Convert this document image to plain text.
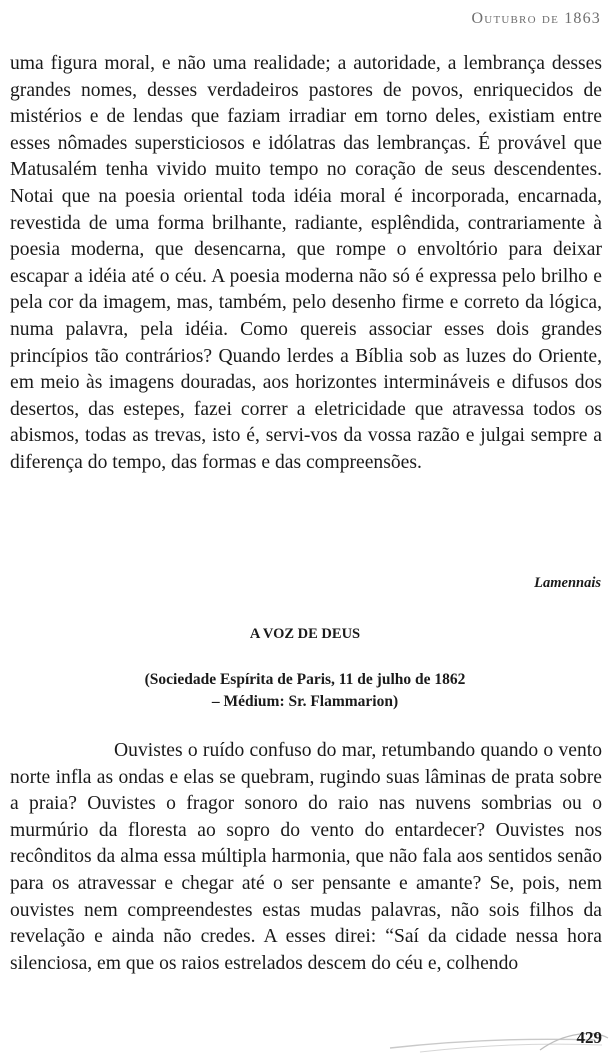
Outubro de 1863
uma figura moral, e não uma realidade; a autoridade, a lembrança desses grandes nomes, desses verdadeiros pastores de povos, enriquecidos de mistérios e de lendas que faziam irradiar em torno deles, existiam entre esses nômades supersticiosos e idólatras das lembranças. É provável que Matusalém tenha vivido muito tempo no coração de seus descendentes. Notai que na poesia oriental toda idéia moral é incorporada, encarnada, revestida de uma forma brilhante, radiante, esplêndida, contrariamente à poesia moderna, que desencarna, que rompe o envoltório para deixar escapar a idéia até o céu. A poesia moderna não só é expressa pelo brilho e pela cor da imagem, mas, também, pelo desenho firme e correto da lógica, numa palavra, pela idéia. Como quereis associar esses dois grandes princípios tão contrários? Quando lerdes a Bíblia sob as luzes do Oriente, em meio às imagens douradas, aos horizontes intermináveis e difusos dos desertos, das estepes, fazei correr a eletricidade que atravessa todos os abismos, todas as trevas, isto é, servi-vos da vossa razão e julgai sempre a diferença do tempo, das formas e das compreensões.
Lamennais
A VOZ DE DEUS
(Sociedade Espírita de Paris, 11 de julho de 1862
– Médium: Sr. Flammarion)
Ouvistes o ruído confuso do mar, retumbando quando o vento norte infla as ondas e elas se quebram, rugindo suas lâminas de prata sobre a praia? Ouvistes o fragor sonoro do raio nas nuvens sombrias ou o murmúrio da floresta ao sopro do vento do entardecer? Ouvistes nos recônditos da alma essa múltipla harmonia, que não fala aos sentidos senão para os atravessar e chegar até o ser pensante e amante? Se, pois, nem ouvistes nem compreendestes estas mudas palavras, não sois filhos da revelação e ainda não credes. A esses direi: “Saí da cidade nessa hora silenciosa, em que os raios estrelados descem do céu e, colhendo
429
